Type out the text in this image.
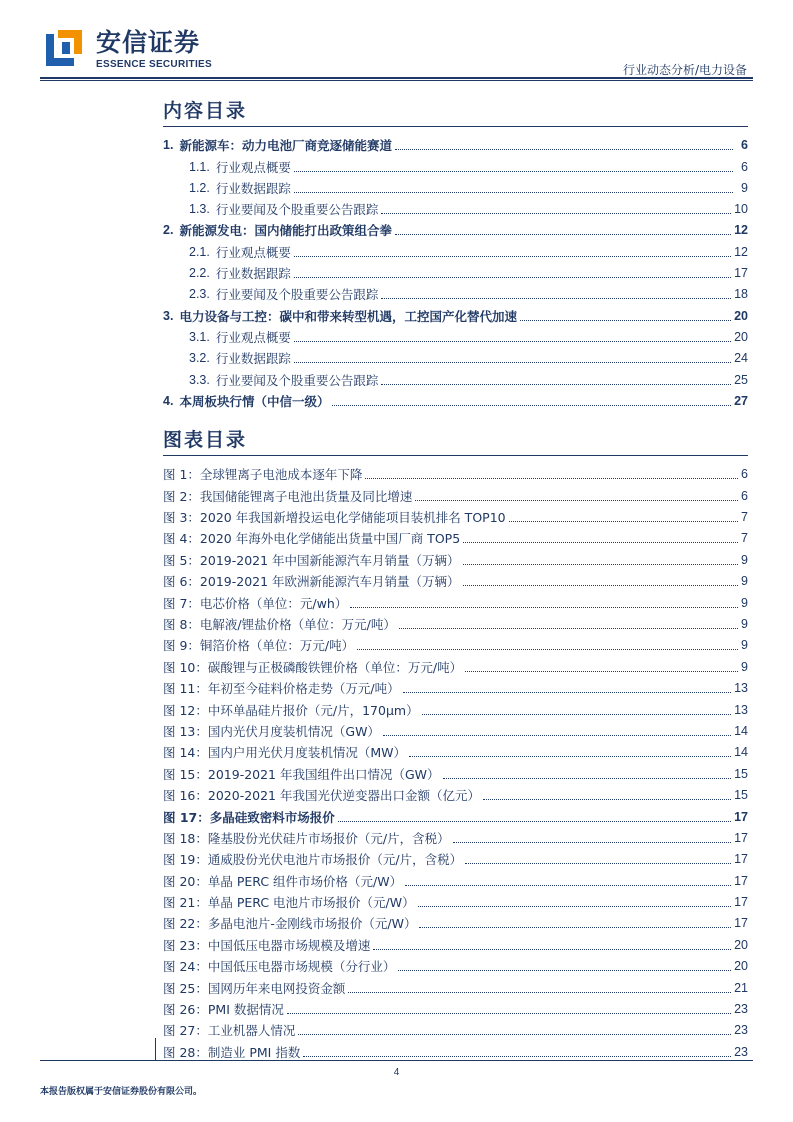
安信证券
ESSENCE SECURITIES	行业动态分析/电力设备
内容目录
1. 新能源车：动力电池厂商竞逐储能赛道	6
1.1. 行业观点概要	6
1.2. 行业数据跟踪	9
1.3. 行业要闻及个股重要公告跟踪	10
2. 新能源发电：国内储能打出政策组合拳	12
2.1. 行业观点概要	12
2.2. 行业数据跟踪	17
2.3. 行业要闻及个股重要公告跟踪	18
3. 电力设备与工控：碳中和带来转型机遇，工控国产化替代加速	20
3.1. 行业观点概要	20
3.2. 行业数据跟踪	24
3.3. 行业要闻及个股重要公告跟踪	25
4. 本周板块行情（中信一级）	27
图表目录
图 1：全球锂离子电池成本逐年下降	6
图 2：我国储能锂离子电池出货量及同比增速	6
图 3：2020 年我国新增投运电化学储能项目装机排名 TOP10	7
图 4：2020 年海外电化学储能出货量中国厂商 TOP5	7
图 5：2019-2021 年中国新能源汽车月销量（万辆）	9
图 6：2019-2021 年欧洲新能源汽车月销量（万辆）	9
图 7：电芯价格（单位：元/wh）	9
图 8：电解液/锂盐价格（单位：万元/吨）	9
图 9：铜箔价格（单位：万元/吨）	9
图 10：碳酸锂与正极磷酸铁锂价格（单位：万元/吨）	9
图 11：年初至今硅料价格走势（万元/吨）	13
图 12：中环单晶硅片报价（元/片，170μm）	13
图 13：国内光伏月度装机情况（GW）	14
图 14：国内户用光伏月度装机情况（MW）	14
图 15：2019-2021 年我国组件出口情况（GW）	15
图 16：2020-2021 年我国光伏逆变器出口金额（亿元）	15
图 17：多晶硅致密料市场报价	17
图 18：隆基股份光伏硅片市场报价（元/片，含税）	17
图 19：通威股份光伏电池片市场报价（元/片，含税）	17
图 20：单晶 PERC 组件市场价格（元/W）	17
图 21：单晶 PERC 电池片市场报价（元/W）	17
图 22：多晶电池片-金刚线市场报价（元/W）	17
图 23：中国低压电器市场规模及增速	20
图 24：中国低压电器市场规模（分行业）	20
图 25：国网历年来电网投资金额	21
图 26：PMI 数据情况	23
图 27：工业机器人情况	23
图 28：制造业 PMI 指数	23
4
本报告版权属于安信证券股份有限公司。
